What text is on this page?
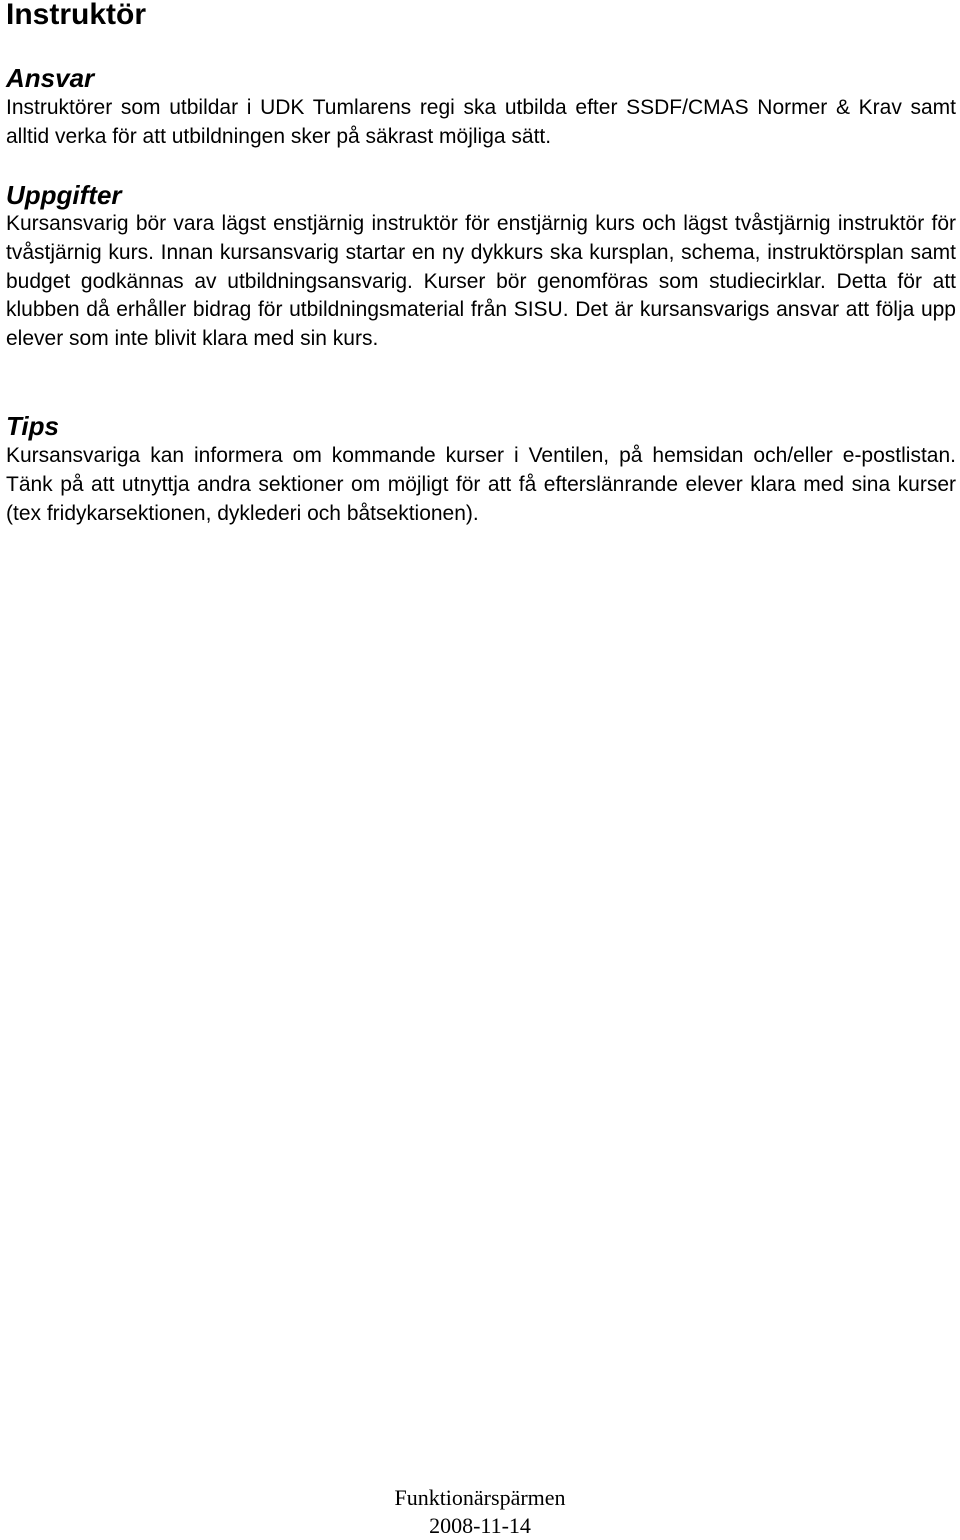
Instruktör
Ansvar

Instruktörer som utbildar i UDK Tumlarens regi ska utbilda efter SSDF/CMAS Normer & Krav samt alltid verka för att utbildningen sker på säkrast möjliga sätt.

Uppgifter

Kursansvarig bör vara lägst enstjärnig instruktör för enstjärnig kurs och lägst tvåstjärnig instruktör för tvåstjärnig kurs. Innan kursansvarig startar en ny dykkurs ska kursplan, schema, instruktörsplan samt budget godkännas av utbildningsansvarig. Kurser bör genomföras som studiecirklar. Detta för att klubben då erhåller bidrag för utbildningsmaterial från SISU. Det är kursansvarigs ansvar att följa upp elever som inte blivit klara med sin kurs.

Tips

Kursansvariga kan informera om kommande kurser i Ventilen, på hemsidan och/eller e-postlistan. Tänk på att utnyttja andra sektioner om möjligt för att få efterslänrande elever klara med sina kurser (tex fridykarsektionen, dyklederi och båtsektionen).

Funktionärspärmen
2008-11-14
